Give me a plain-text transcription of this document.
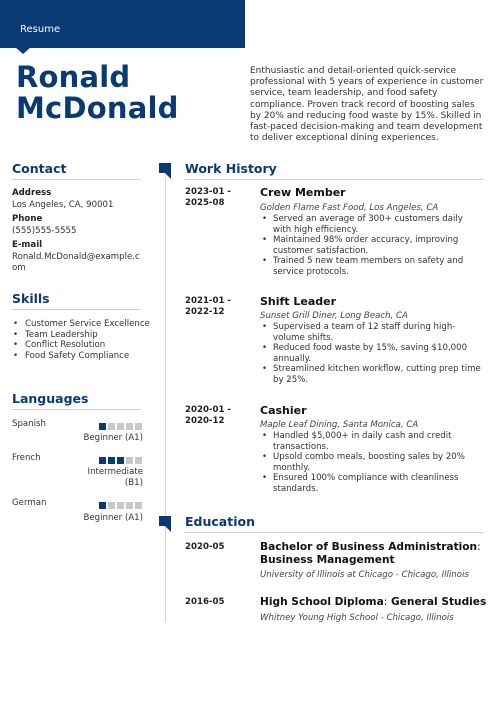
Resume
Ronald
McDonald
Enthusiastic and detail-oriented quick-service professional with 5 years of experience in customer service, team leadership, and food safety compliance. Proven track record of boosting sales by 20% and reducing food waste by 15%. Skilled in fast-paced decision-making and team development to deliver exceptional dining experiences.
Contact
Address
Los Angeles, CA, 90001
Phone
(555)555-5555
E-mail
Ronald.McDonald@example.com
Skills
• Customer Service Excellence
• Team Leadership
• Conflict Resolution
• Food Safety Compliance
Languages
Spanish
Beginner (A1)
French
Intermediate (B1)
German
Beginner (A1)
Work History
2023-01 - 2025-08
Crew Member
Golden Flame Fast Food, Los Angeles, CA
• Served an average of 300+ customers daily with high efficiency.
• Maintained 98% order accuracy, improving customer satisfaction.
• Trained 5 new team members on safety and service protocols.
2021-01 - 2022-12
Shift Leader
Sunset Grill Diner, Long Beach, CA
• Supervised a team of 12 staff during high-volume shifts.
• Reduced food waste by 15%, saving $10,000 annually.
• Streamlined kitchen workflow, cutting prep time by 25%.
2020-01 - 2020-12
Cashier
Maple Leaf Dining, Santa Monica, CA
• Handled $5,000+ in daily cash and credit transactions.
• Upsold combo meals, boosting sales by 20% monthly.
• Ensured 100% compliance with cleanliness standards.
Education
2020-05	Bachelor of Business Administration: Business Management
University of Illinois at Chicago - Chicago, Illinois
2016-05	High School Diploma: General Studies
Whitney Young High School - Chicago, Illinois
